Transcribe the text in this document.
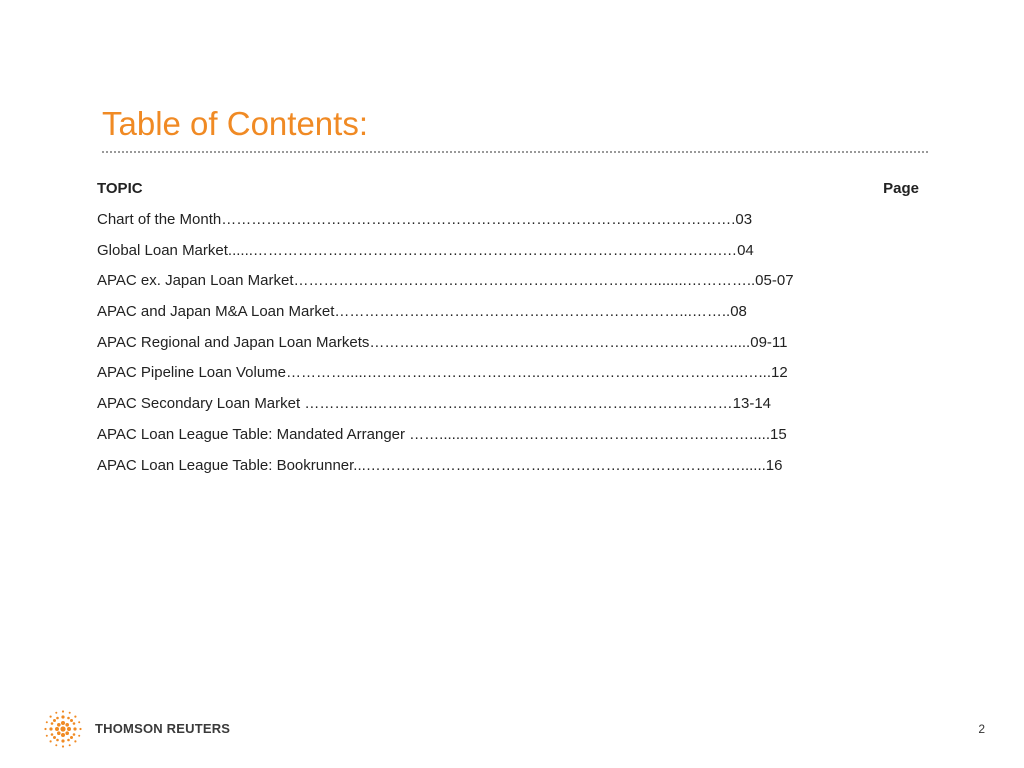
Table of Contents:
TOPIC	Page
Chart of the Month………………………………………………………………………………………….03
Global Loan Market......………………………………………………………………………………….…04
APAC ex. Japan Loan Market………………………………………………………………........…………..05-07
APAC and Japan M&A Loan Market……………………………………………………………...……..08
APAC Regional and Japan Loan Markets……………………………………………………………….....09-11
APAC Pipeline Loan Volume………….....……………………………..…………………………………..…...12
APAC Secondary Loan Market …………..………………………………………………………………13-14
APAC Loan League Table: Mandated Arranger ……......………………………………………………….....15
APAC Loan League Table: Bookrunner...…………………………………………………………………......16
THOMSON REUTERS	2
